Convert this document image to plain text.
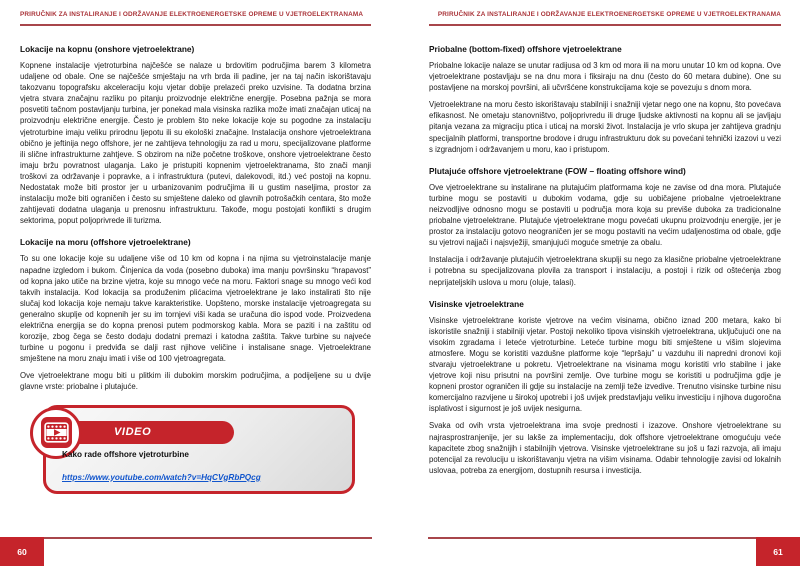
PRIRUČNIK ZA INSTALIRANJE I ODRŽAVANJE ELEKTROENERGETSKE OPREME U VJETROELEKTRANAMA
Lokacije na kopnu (onshore vjetroelektrane)

Kopnene instalacije vjetroturbina najčešće se nalaze u brdovitim područjima barem 3 kilometra udaljene od obale. One se najčešće smještaju na vrh brda ili padine, jer na taj način iskorištavaju takozvanu topografsku akceleraciju koju vjetar dobije prelazeći preko uzvisine. Ta dodatna brzina vjetra stvara značajnu razliku po pitanju proizvodnje električne energije. Posebna pažnja se mora posvetiti tačnom postavljanju turbina, jer ponekad mala visinska razlika može imati značajan uticaj na proizvodnju električne energije. Često je problem što neke lokacije koje su pogodne za instalaciju vjetroturbine imaju veliku prirodnu ljepotu ili su ekološki značajne. Instalacija onshore vjetroelektrana obično je jeftinija nego offshore, jer ne zahtijeva tehnologiju za rad u moru, specijalizovane platforme ili slične infrastrukturne zahtjeve. S obzirom na niže početne troškove, onshore vjetroelektrane često imaju bržu povratnost ulaganja. Lako je pristupiti kopnenim vjetroelektranama, što znači manji troškovi za održavanje i popravke, a i infrastruktura (putevi, dalekovodi, itd.) već postoji na kopnu. Nedostatak može biti prostor jer u urbanizovanim područjima ili u gustim naseljima, prostor za instalaciju može biti ograničen i često su smještene daleko od glavnih potrošačkih centara, što može zahtijevati dodatna ulaganja u prenosnu infrastrukturu. Takođe, mogu postojati konflikti s drugim sektorima, poput poljoprivrede ili turizma.

Lokacije na moru (offshore vjetroelektrane)

To su one lokacije koje su udaljene više od 10 km od kopna i na njima su vjetroinstalacije manje napadne izgledom i bukom. Činjenica da voda (posebno duboka) ima manju površinsku “hrapavost” od kopna jako utiče na brzine vjetra, koje su mnogo veće na moru. Faktori snage su mnogo veći kod takvih instalacija. Kod lokacija sa produženim plićacima vjetroelektrane je lako instalirati što nije slučaj kod lokacija koje nemaju takve karakteristike. Uopšteno, morske instalacije vjetroagregata su generalno skuplje od kopnenih jer su im tornjevi viši kada se uračuna dio ispod vode. Proizvedena električna energija se do kopna prenosi putem podmorskog kabla. Mora se paziti i na zaštitu od korozije, zbog čega se često dodaju dodatni premazi i katodna zaštita. Takve turbine su najveće turbine u pogonu i predviđa se dalji rast njihove veličine i instalisane snage. Vjetroelektrane smještene na moru znaju imati i više od 100 vjetroagregata.

Ove vjetroelektrane mogu biti u plitkim ili dubokim morskim područjima, a podijeljene su u dvije glavne vrste: priobalne i plutajuće.

VIDEO
Kako rade offshore vjetroturbine
https://www.youtube.com/watch?v=HqCVgRbPQcg
60
PRIRUČNIK ZA INSTALIRANJE I ODRŽAVANJE ELEKTROENERGETSKE OPREME U VJETROELEKTRANAMA
Priobalne (bottom-fixed) offshore vjetroelektrane

Priobalne lokacije nalaze se unutar radijusa od 3 km od mora ili na moru unutar 10 km od kopna. Ove vjetroelektrane postavljaju se na dnu mora i fiksiraju na dnu (često do 60 metara dubine). One su postavljene na morskoj površini, ali učvršćene konstrukcijama koje se povezuju s dnom mora.

Vjetroelektrane na moru često iskorištavaju stabilniji i snažniji vjetar nego one na kopnu, što povećava efikasnost. Ne ometaju stanovništvo, poljoprivredu ili druge ljudske aktivnosti na kopnu ali se javljaju pitanja vezana za migraciju ptica i uticaj na morski život. Instalacija je vrlo skupa jer zahtijeva gradnju specijalnih platformi, transportne brodove i drugu infrastrukturu dok su povećani tehnički izazovi u vezi s izgradnjom i održavanjem u moru, kao i pristupom.

Plutajuće offshore vjetroelektrane (FOW – floating offshore wind)

Ove vjetroelektrane su instalirane na plutajućim platformama koje ne zavise od dna mora. Plutajuće turbine mogu se postaviti u dubokim vodama, gdje su uobičajene priobalne vjetroelektrane neizvodljive odnosno mogu se postaviti u područja mora koja su previše duboka za tradicionalne priobalne vjetroelektrane. Plutajuće vjetroelektrane mogu povećati ukupnu proizvodnju energije, jer je prostor za instalaciju gotovo neograničen jer se mogu postaviti na većim udaljenostima od obale, gdje su vjetrovi najjači i najsvježiji, smanjujući moguće smetnje za obalu.

Instalacija i održavanje plutajućih vjetroelektrana skuplji su nego za klasične priobalne vjetroelektrane i potrebna su specijalizovana plovila za transport i instalaciju, a postoji i rizik od oštećenja zbog neprijateljskih uslova u moru (oluje, talasi).

Visinske vjetroelektrane

Visinske vjetroelektrane koriste vjetrove na većim visinama, obično iznad 200 metara, kako bi iskoristile snažniji i stabilniji vjetar. Postoji nekoliko tipova visinskih vjetroelektrana, uključujući one na visokim zgradama i leteće vjetroturbine. Leteće turbine mogu biti smještene u višim slojevima atmosfere. Mogu se koristiti vazdušne platforme koje “lepršaju” u vazduhu ili napredni dronovi koji stvaraju vjetroelektrane u pokretu. Vjetroelektrane na visinama mogu koristiti vrlo stabilne i jake vjetrove koji nisu prisutni na površini zemlje. Ove turbine mogu se koristiti u područjima gdje je kopneni prostor ograničen ili gdje su instalacije na zemlji teže izvedive. Trenutno visinske turbine nisu komercijalno razvijene u širokoj upotrebi i još uvijek predstavljaju veliku investiciju i njihova dugoročna isplativost i sigurnost je još uvijek nesigurna.

Svaka od ovih vrsta vjetroelektrana ima svoje prednosti i izazove. Onshore vjetroelektrane su najrasprostranjenije, jer su lakše za implementaciju, dok offshore vjetroelektrane omogućuju veće kapacitete zbog snažnijih i stabilnijih vjetrova. Visinske vjetroelektrane su još u fazi razvoja, ali imaju potencijal za revoluciju u iskorištavanju vjetra na višim visinama. Odabir tehnologije zavisi od lokalnih uslovaa, potreba za energijom, dostupnih resursa i investicija.

61
